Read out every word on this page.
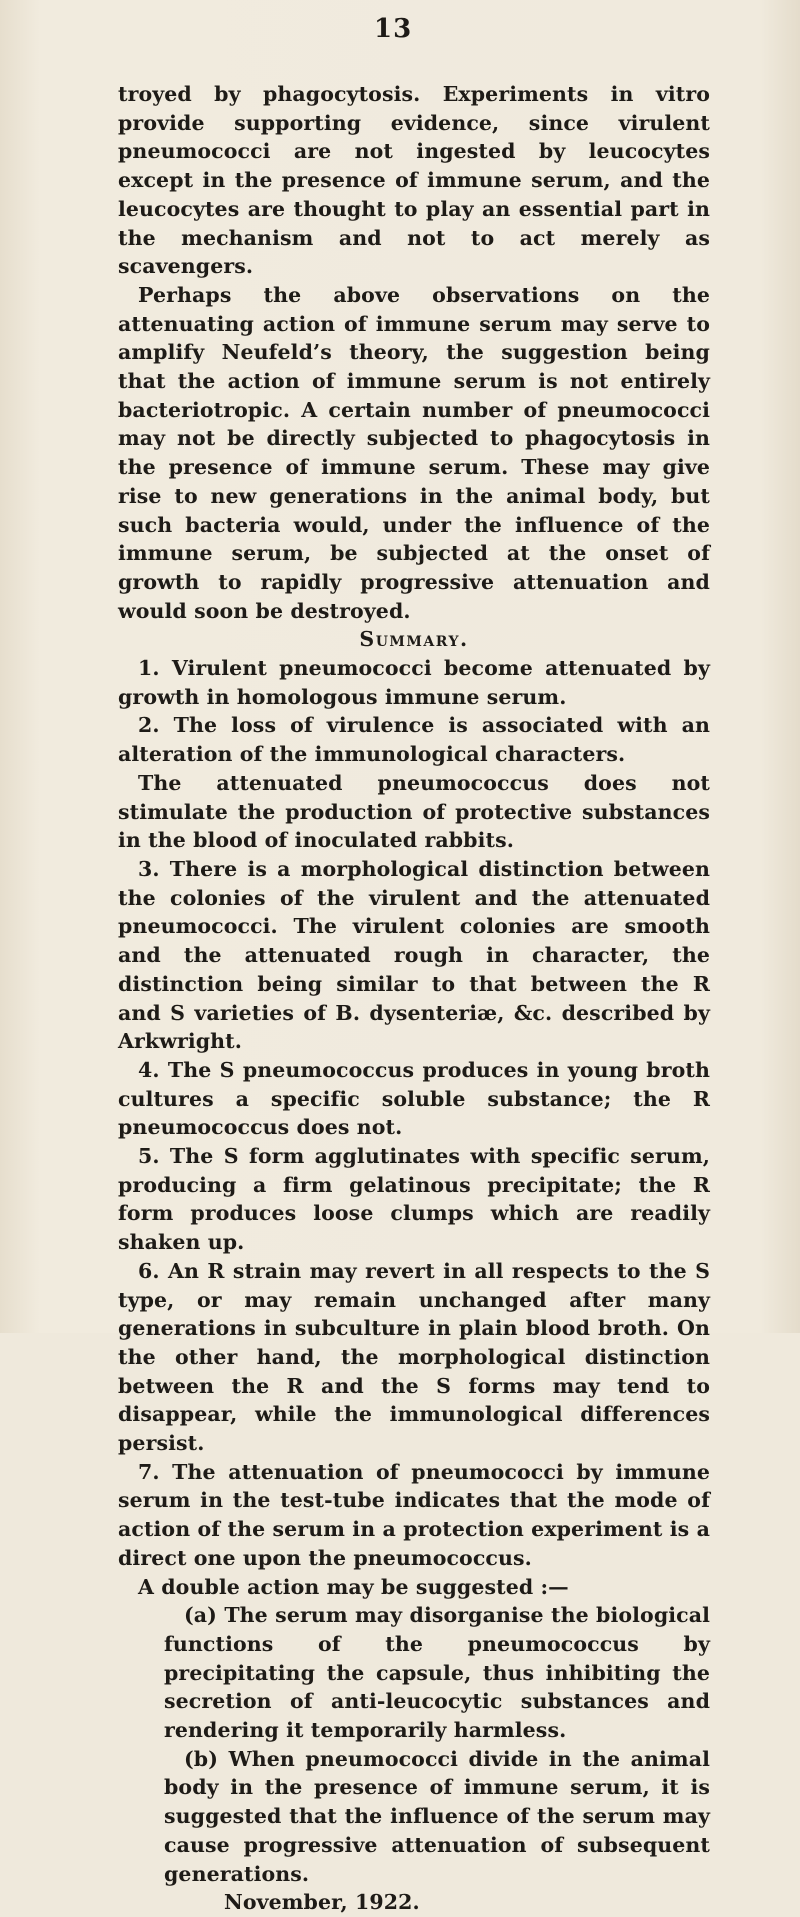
13

troyed by phagocytosis. Experiments in vitro provide supporting evidence, since virulent pneumococci are not ingested by leucocytes except in the presence of immune serum, and the leucocytes are thought to play an essential part in the mechanism and not to act merely as scavengers.

Perhaps the above observations on the attenuating action of immune serum may serve to amplify Neufeld’s theory, the suggestion being that the action of immune serum is not entirely bacteriotropic. A certain number of pneumococci may not be directly subjected to phagocytosis in the presence of immune serum. These may give rise to new generations in the animal body, but such bacteria would, under the influence of the immune serum, be subjected at the onset of growth to rapidly progressive attenuation and would soon be destroyed.

Summary.

1. Virulent pneumococci become attenuated by growth in homologous immune serum.

2. The loss of virulence is associated with an alteration of the immunological characters.

The attenuated pneumococcus does not stimulate the production of protective substances in the blood of inoculated rabbits.

3. There is a morphological distinction between the colonies of the virulent and the attenuated pneumococci. The virulent colonies are smooth and the attenuated rough in character, the distinction being similar to that between the R and S varieties of B. dysenteriæ, &c. described by Arkwright.

4. The S pneumococcus produces in young broth cultures a specific soluble substance; the R pneumococcus does not.

5. The S form agglutinates with specific serum, producing a firm gelatinous precipitate; the R form produces loose clumps which are readily shaken up.

6. An R strain may revert in all respects to the S type, or may remain unchanged after many generations in subculture in plain blood broth. On the other hand, the morphological distinction between the R and the S forms may tend to disappear, while the immunological differences persist.

7. The attenuation of pneumococci by immune serum in the test-tube indicates that the mode of action of the serum in a protection experiment is a direct one upon the pneumococcus.

A double action may be suggested :—

(a) The serum may disorganise the biological functions of the pneumococcus by precipitating the capsule, thus inhibiting the secretion of anti-leucocytic substances and rendering it temporarily harmless.

(b) When pneumococci divide in the animal body in the presence of immune serum, it is suggested that the influence of the serum may cause progressive attenuation of subsequent generations.

November, 1922.
